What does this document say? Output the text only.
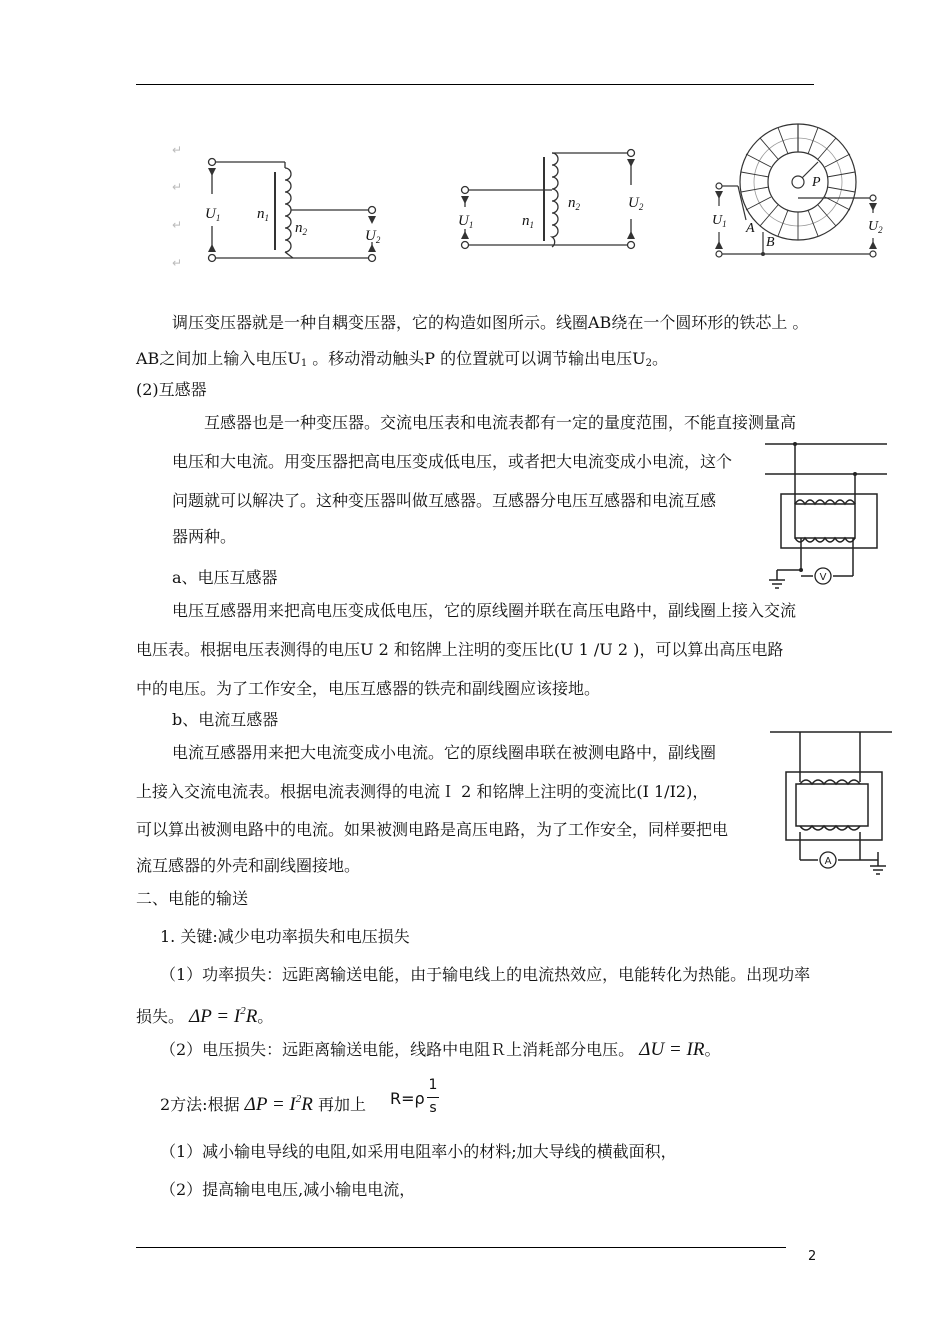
2
↵
↵
↵
↵
$U_1$ $n_1$
$n_2$	$U_2$
$U_1$	$n_1$
$n_2$	$U_2$
P
A
B
$U_1$	$U_2$
调压变压器就是一种自耦变压器，它的构造如图所示。线圈AB绕在一个圆环形的铁芯上 。
AB之间加上输入电压$U_1$ 。移动滑动触头P 的位置就可以调节输出电压$U_2$。
(2)互感器
互感器也是一种变压器。交流电压表和电流表都有一定的量度范围，不能直接测量高
电压和大电流。用变压器把高电压变成低电压，或者把大电流变成小电流，这个
问题就可以解决了。这种变压器叫做互感器。互感器分电压互感器和电流互感
器两种。
V
a、电压互感器
电压互感器用来把高电压变成低电压，它的原线圈并联在高压电路中，副线圈上接入交流
电压表。根据电压表测得的电压U 2 和铭牌上注明的变压比(U 1 /U 2 )，可以算出高压电路
中的电压。为了工作安全，电压互感器的铁壳和副线圈应该接地。
b、电流互感器
电流互感器用来把大电流变成小电流。它的原线圈串联在被测电路中，副线圈
上接入交流电流表。根据电流表测得的电流Ｉ 2 和铭牌上注明的变流比(I 1/I2)，
可以算出被测电路中的电流。如果被测电路是高压电路，为了工作安全，同样要把电
流互感器的外壳和副线圈接地。	A
二、电能的输送
1. 关键:减少电功率损失和电压损失
（1）功率损失：远距离输送电能，由于输电线上的电流热效应，电能转化为热能。出现功率
损失。 $\Delta P = I^2R$。
（2）电压损失：远距离输送电能，线路中电阻Ｒ上消耗部分电压。 ΔU = IR。
2方法:根据 $\Delta P = I^2R$ 再加上 R=ρ
1
s
（1）减小输电导线的电阻,如采用电阻率小的材料;加大导线的横截面积，
（2）提高输电电压,减小输电电流，
